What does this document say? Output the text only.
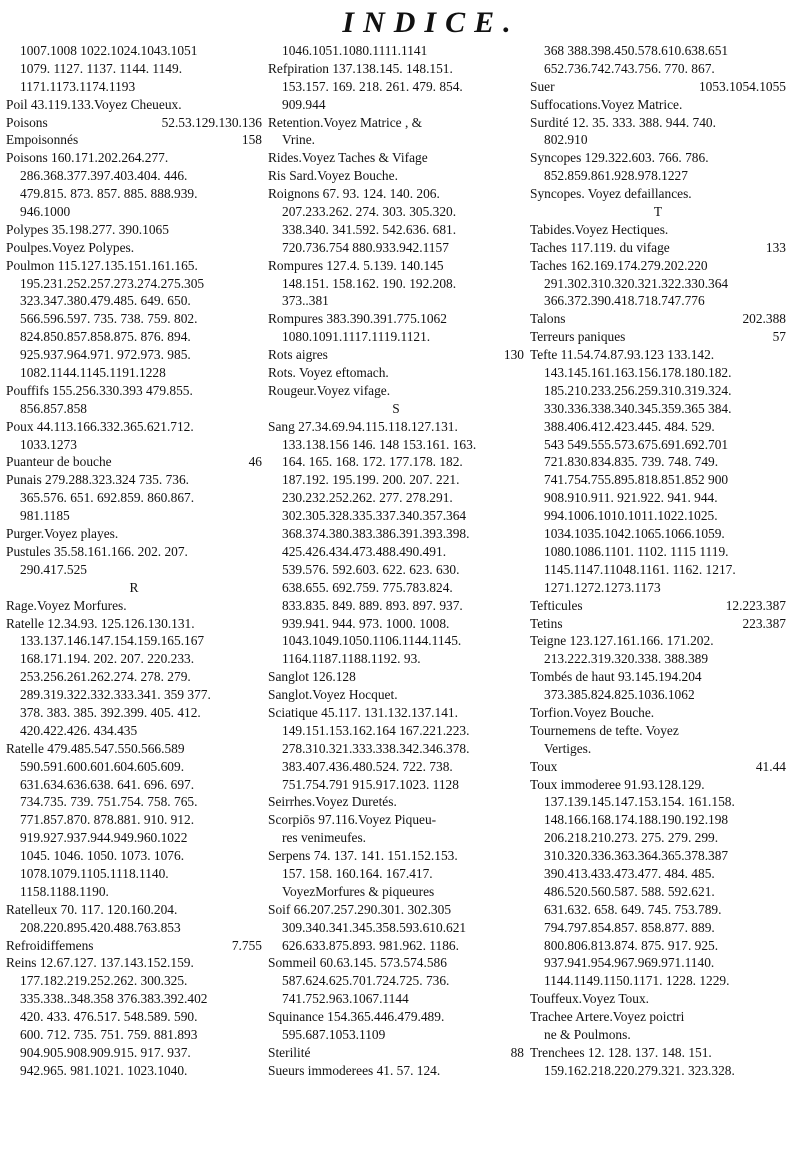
INDICE.
1007.1008 1022.1024.1043.1051
1079. 1127. 1137. 1144. 1149.
1171.1173.1174.1193
Poil 43.119.133.Voyez Cheueux.
Poisons	52.53.129.130.136
Empoisonnés	158
Poisons 160.171.202.264.277.
286.368.377.397.403.404. 446.
479.815. 873. 857. 885. 888.939.
946.1000
Polypes 35.198.277. 390.1065
Poulpes.Voyez Polypes.
Poulmon 115.127.135.151.161.165.
195.231.252.257.273.274.275.305
323.347.380.479.485. 649. 650.
566.596.597. 735. 738. 759. 802.
824.850.857.858.875. 876. 894.
925.937.964.971. 972.973. 985.
1082.1144.1145.1191.1228
Pouffifs 155.256.330.393 479.855.
856.857.858
Poux 44.113.166.332.365.621.712.
1033.1273
Puanteur de bouche	46
Punais 279.288.323.324 735. 736.
365.576. 651. 692.859. 860.867.
981.1185
Purger.Voyez playes.
Pustules 35.58.161.166. 202. 207.
290.417.525
R
Rage.Voyez Morfures.
Ratelle 12.34.93. 125.126.130.131.
133.137.146.147.154.159.165.167
168.171.194. 202. 207. 220.233.
253.256.261.262.274. 278. 279.
289.319.322.332.333.341. 359 377.
378. 383. 385. 392.399. 405. 412.
420.422.426. 434.435
Ratelle 479.485.547.550.566.589
590.591.600.601.604.605.609.
631.634.636.638. 641. 696. 697.
734.735. 739. 751.754. 758. 765.
771.857.870. 878.881. 910. 912.
919.927.937.944.949.960.1022
1045. 1046. 1050. 1073. 1076.
1078.1079.1105.1118.1140.
1158.1188.1190.
Ratelleux 70. 117. 120.160.204.
208.220.895.420.488.763.853
Refroidiffemens	7.755
Reins 12.67.127. 137.143.152.159.
177.182.219.252.262. 300.325.
335.338..348.358 376.383.392.402
420. 433. 476.517. 548.589. 590.
600. 712. 735. 751. 759. 881.893
904.905.908.909.915. 917. 937.
942.965. 981.1021. 1023.1040.
1046.1051.1080.1111.1141
Refpiration 137.138.145. 148.151.
153.157. 169. 218. 261. 479. 854.
909.944
Retention.Voyez Matrice , &
Vrine.
Rides.Voyez Taches & Vifage
Ris Sard.Voyez Bouche.
Roignons 67. 93. 124. 140. 206.
207.233.262. 274. 303. 305.320.
338.340. 341.592. 542.636. 681.
720.736.754 880.933.942.1157
Rompures 127.4. 5.139. 140.145
148.151. 158.162. 190. 192.208.
373..381
Rompures 383.390.391.775.1062
1080.1091.1117.1119.1121.
Rots aigres	130
Rots. Voyez eftomach.
Rougeur.Voyez vifage.
S
Sang 27.34.69.94.115.118.127.131.
133.138.156 146. 148 153.161. 163.
164. 165. 168. 172. 177.178. 182.
187.192. 195.199. 200. 207. 221.
230.232.252.262. 277. 278.291.
302.305.328.335.337.340.357.364
368.374.380.383.386.391.393.398.
425.426.434.473.488.490.491.
539.576. 592.603. 622. 623. 630.
638.655. 692.759. 775.783.824.
833.835. 849. 889. 893. 897. 937.
939.941. 944. 973. 1000. 1008.
1043.1049.1050.1106.1144.1145.
1164.1187.1188.1192. 93.
Sanglot 126.128
Sanglot.Voyez Hocquet.
Sciatique 45.117. 131.132.137.141.
149.151.153.162.164 167.221.223.
278.310.321.333.338.342.346.378.
383.407.436.480.524. 722. 738.
751.754.791 915.917.1023. 1128
Seirrhes.Voyez Duretés.
Scorpiōs 97.116.Voyez Piqueu-
res venimeufes.
Serpens 74. 137. 141. 151.152.153.
157. 158. 160.164. 167.417.
VoyezMorfures & piqueures
Soif 66.207.257.290.301. 302.305
309.340.341.345.358.593.610.621
626.633.875.893. 981.962. 1186.
Sommeil 60.63.145. 573.574.586
587.624.625.701.724.725. 736.
741.752.963.1067.1144
Squinance 154.365.446.479.489.
595.687.1053.1109
Sterilité	88
Sueurs immoderees 41. 57. 124.
368 388.398.450.578.610.638.651
652.736.742.743.756. 770. 867.
Suer	1053.1054.1055
Suffocations.Voyez Matrice.
Surdité 12. 35. 333. 388. 944. 740.
802.910
Syncopes 129.322.603. 766. 786.
852.859.861.928.978.1227
Syncopes. Voyez defaillances.
T
Tabides.Voyez Hectiques.
Taches 117.119. du vifage	133
Taches 162.169.174.279.202.220
291.302.310.320.321.322.330.364
366.372.390.418.718.747.776
Talons	202.388
Terreurs paniques	57
Tefte 11.54.74.87.93.123 133.142.
143.145.161.163.156.178.180.182.
185.210.233.256.259.310.319.324.
330.336.338.340.345.359.365 384.
388.406.412.423.445. 484. 529.
543 549.555.573.675.691.692.701
721.830.834.835. 739. 748. 749.
741.754.755.895.818.851.852 900
908.910.911. 921.922. 941. 944.
994.1006.1010.1011.1022.1025.
1034.1035.1042.1065.1066.1059.
1080.1086.1101. 1102. 1115 1119.
1145.1147.11048.1161. 1162. 1217.
1271.1272.1273.1173
Tefticules	12.223.387
Tetins	223.387
Teigne 123.127.161.166. 171.202.
213.222.319.320.338. 388.389
Tombés de haut 93.145.194.204
373.385.824.825.1036.1062
Torfion.Voyez Bouche.
Tournemens de tefte. Voyez
Vertiges.
Toux	41.44
Toux immoderee 91.93.128.129.
137.139.145.147.153.154. 161.158.
148.166.168.174.188.190.192.198
206.218.210.273. 275. 279. 299.
310.320.336.363.364.365.378.387
390.413.433.473.477. 484. 485.
486.520.560.587. 588. 592.621.
631.632. 658. 649. 745. 753.789.
794.797.854.857. 858.877. 889.
800.806.813.874. 875. 917. 925.
937.941.954.967.969.971.1140.
1144.1149.1150.1171. 1228. 1229.
Touffeux.Voyez Toux.
Trachee Artere.Voyez poictri
ne & Poulmons.
Trenchees 12. 128. 137. 148. 151.
159.162.218.220.279.321. 323.328.
